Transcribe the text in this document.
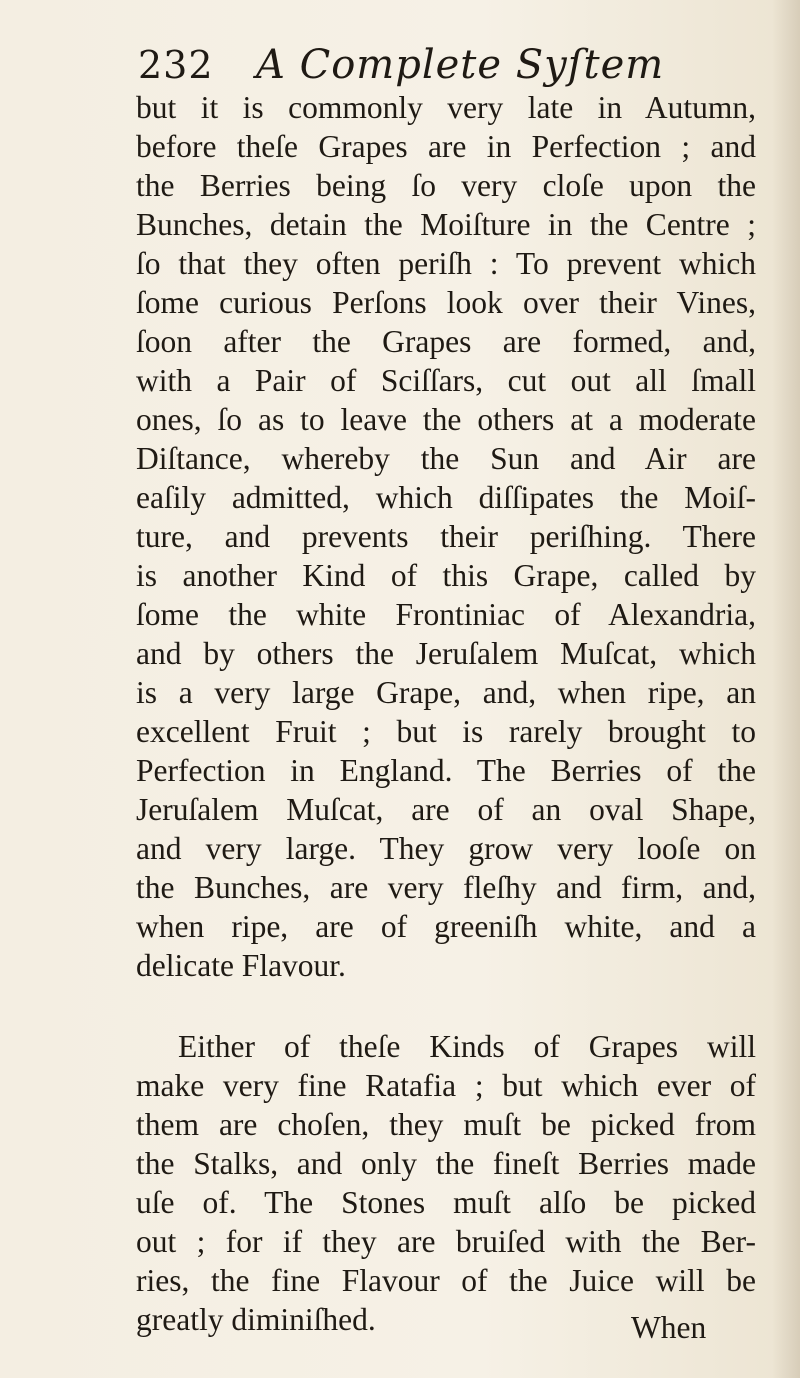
232 A Complete Syſtem
but it is commonly very late in Autumn,
before theſe Grapes are in Perfection ; and
the Berries being ſo very cloſe upon the
Bunches, detain the Moiſture in the Centre ;
ſo that they often periſh : To prevent which
ſome curious Perſons look over their Vines,
ſoon after the Grapes are formed, and,
with a Pair of Sciſſars, cut out all ſmall
ones, ſo as to leave the others at a moderate
Diſtance, whereby the Sun and Air are
eaſily admitted, which diſſipates the Moiſ-
ture, and prevents their periſhing. There
is another Kind of this Grape, called by
ſome the white Frontiniac of Alexandria,
and by others the Jeruſalem Muſcat, which
is a very large Grape, and, when ripe, an
excellent Fruit ; but is rarely brought to
Perfection in England. The Berries of the
Jeruſalem Muſcat, are of an oval Shape,
and very large. They grow very looſe on
the Bunches, are very fleſhy and firm, and,
when ripe, are of greeniſh white, and a
delicate Flavour.
Either of theſe Kinds of Grapes will
make very fine Ratafia ; but which ever of
them are choſen, they muſt be picked from
the Stalks, and only the fineſt Berries made
uſe of. The Stones muſt alſo be picked
out ; for if they are bruiſed with the Ber-
ries, the fine Flavour of the Juice will be
greatly diminiſhed.	When
